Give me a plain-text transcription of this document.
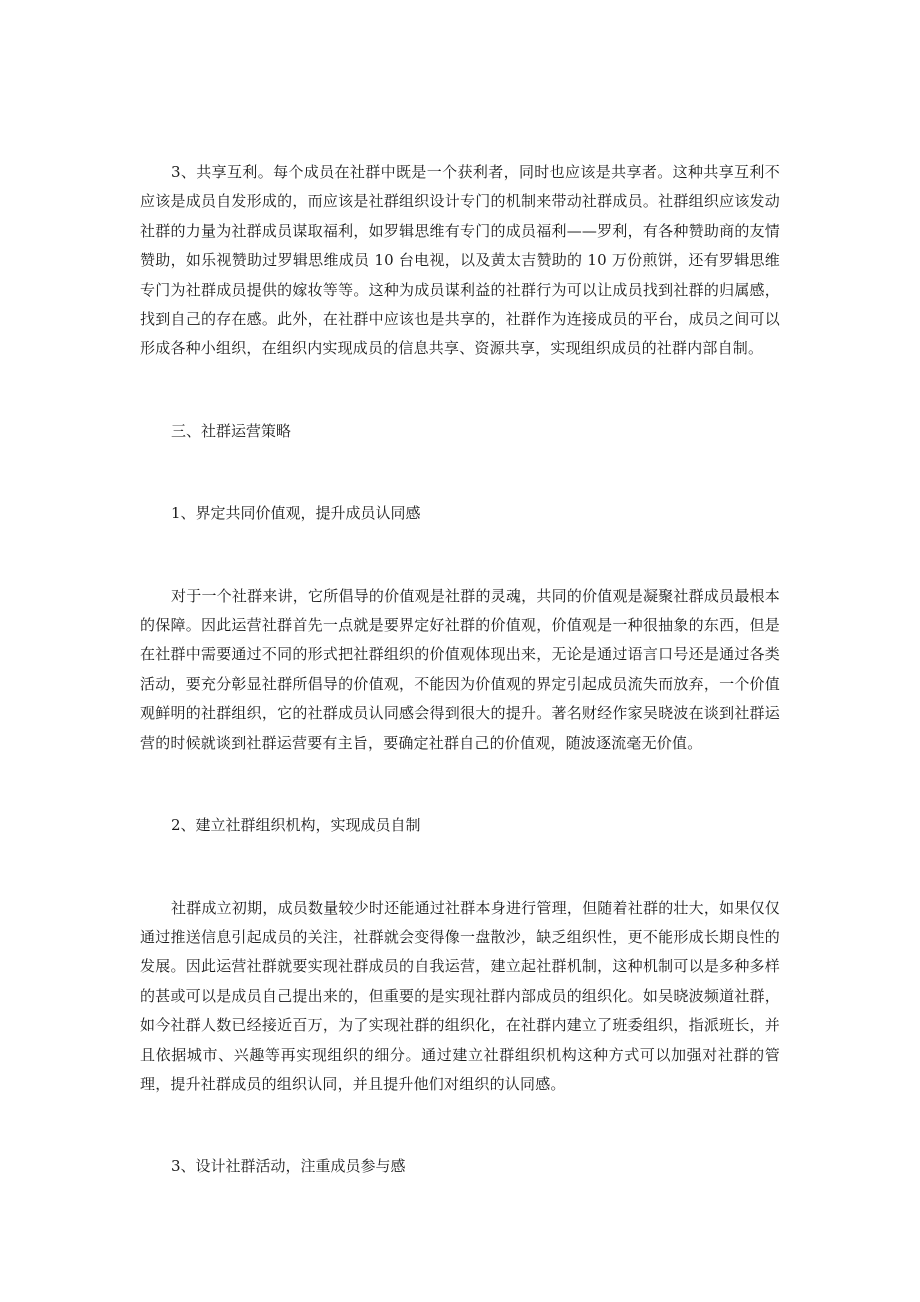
3、共享互利。每个成员在社群中既是一个获利者，同时也应该是共享者。这种共享互利不应该是成员自发形成的，而应该是社群组织设计专门的机制来带动社群成员。社群组织应该发动社群的力量为社群成员谋取福利，如罗辑思维有专门的成员福利——罗利，有各种赞助商的友情赞助，如乐视赞助过罗辑思维成员 10 台电视，以及黄太吉赞助的 10 万份煎饼，还有罗辑思维专门为社群成员提供的嫁妆等等。这种为成员谋利益的社群行为可以让成员找到社群的归属感，找到自己的存在感。此外，在社群中应该也是共享的，社群作为连接成员的平台，成员之间可以形成各种小组织，在组织内实现成员的信息共享、资源共享，实现组织成员的社群内部自制。

三、社群运营策略

1、界定共同价值观，提升成员认同感

对于一个社群来讲，它所倡导的价值观是社群的灵魂，共同的价值观是凝聚社群成员最根本的保障。因此运营社群首先一点就是要界定好社群的价值观，价值观是一种很抽象的东西，但是在社群中需要通过不同的形式把社群组织的价值观体现出来，无论是通过语言口号还是通过各类活动，要充分彰显社群所倡导的价值观，不能因为价值观的界定引起成员流失而放弃，一个价值观鲜明的社群组织，它的社群成员认同感会得到很大的提升。著名财经作家吴晓波在谈到社群运营的时候就谈到社群运营要有主旨，要确定社群自己的价值观，随波逐流毫无价值。

2、建立社群组织机构，实现成员自制

社群成立初期，成员数量较少时还能通过社群本身进行管理，但随着社群的壮大，如果仅仅通过推送信息引起成员的关注，社群就会变得像一盘散沙，缺乏组织性，更不能形成长期良性的发展。因此运营社群就要实现社群成员的自我运营，建立起社群机制，这种机制可以是多种多样的甚或可以是成员自己提出来的，但重要的是实现社群内部成员的组织化。如吴晓波频道社群，如今社群人数已经接近百万，为了实现社群的组织化，在社群内建立了班委组织，指派班长，并且依据城市、兴趣等再实现组织的细分。通过建立社群组织机构这种方式可以加强对社群的管理，提升社群成员的组织认同，并且提升他们对组织的认同感。

3、设计社群活动，注重成员参与感
